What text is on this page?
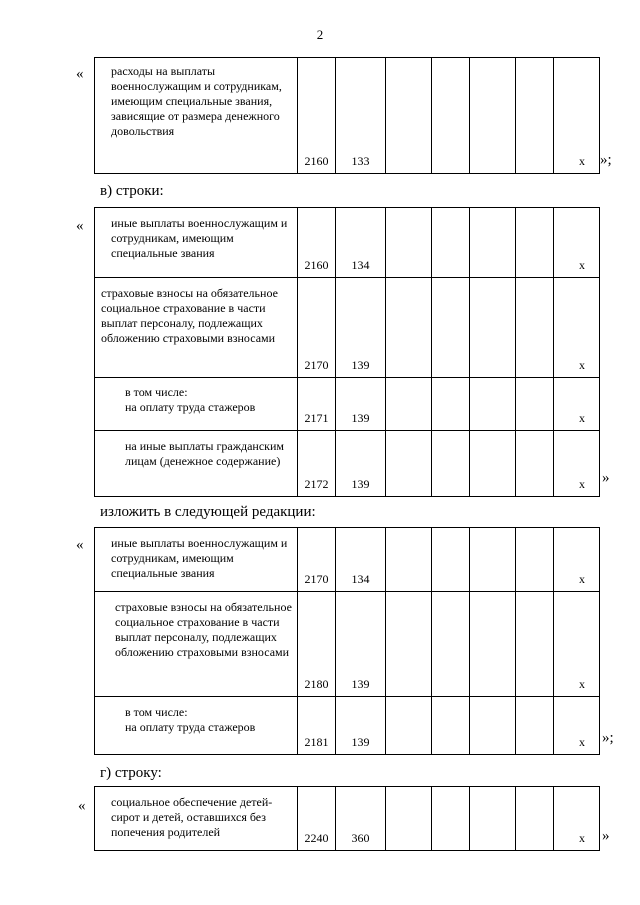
2
« расходы на выплаты военнослужащим и сотрудникам, имеющим специальные звания, зависящие от размера денежного довольствия	2160	133					x »;
в) строки:
« иные выплаты военнослужащим и сотрудникам, имеющим специальные звания	2160	134					x
страховые взносы на обязательное социальное страхование в части выплат персоналу, подлежащих обложению страховыми взносами	2170	139					x
в том числе:
на оплату труда стажеров	2171	139					x
на иные выплаты гражданским лицам (денежное содержание)	2172	139					x »
изложить в следующей редакции:
« иные выплаты военнослужащим и сотрудникам, имеющим специальные звания	2170	134					x
страховые взносы на обязательное социальное страхование в части выплат персоналу, подлежащих обложению страховыми взносами	2180	139					x
в том числе:
на оплату труда стажеров	2181	139					x »;
г) строку:
« социальное обеспечение детей-сирот и детей, оставшихся без попечения родителей	2240	360					x »
